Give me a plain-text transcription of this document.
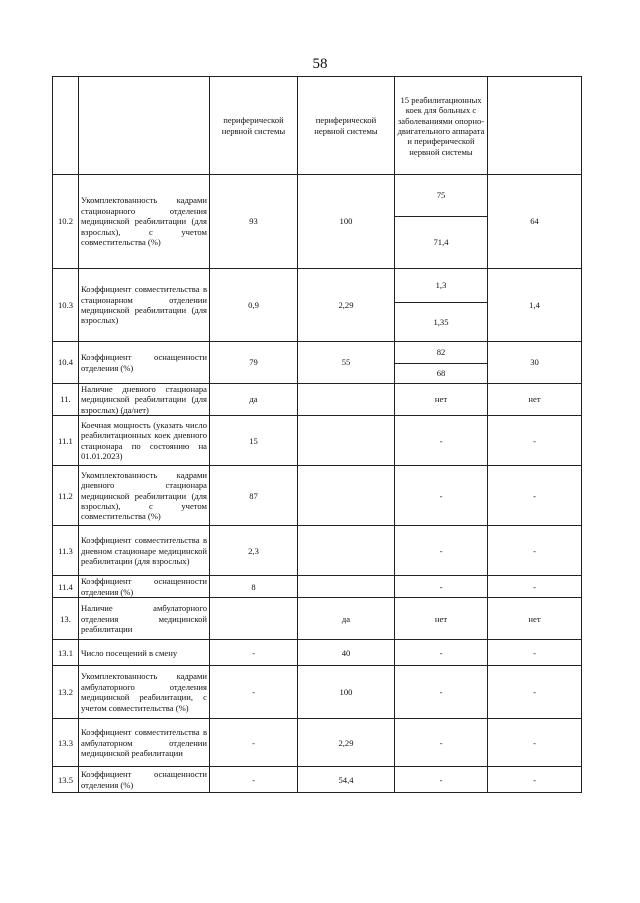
58
		периферической нервной системы	периферической нервной системы	15 реабилитационных коек для больных с заболеваниями опорно-двигательного аппарата и периферической нервной системы	
10.2	Укомплектованность кадрами стационарного отделения медицинской реабилитации (для взрослых), с учетом совместительства (%)	93	100	75	64
				71,4	
10.3	Коэффициент совместительства в стационарном отделении медицинской реабилитации (для взрослых)	0,9	2,29	1,3	1,4
				1,35	
10.4	Коэффициент оснащенности отделения (%)	79	55	82	30
				68	
11.	Наличие дневного стационара медицинской реабилитации (для взрослых) (да/нет)	да		нет	нет
11.1	Коечная мощность (указать число реабилитационных коек дневного стационара по состоянию на 01.01.2023)	15		-	-
11.2	Укомплектованность кадрами дневного стационара медицинской реабилитации (для взрослых), с учетом совместительства (%)	87		-	-
11.3	Коэффициент совместительства в дневном стационаре медицинской реабилитации (для взрослых)	2,3		-	-
11.4	Коэффициент оснащенности отделения (%)	8		-	-
13.	Наличие амбулаторного отделения медицинской реабилитации		да	нет	нет
13.1	Число посещений в смену	-	40	-	-
13.2	Укомплектованность кадрами амбулаторного отделения медицинской реабилитации, с учетом совместительства (%)	-	100	-	-
13.3	Коэффициент совместительства в амбулаторном отделении медицинской реабилитации	-	2,29	-	-
13.5	Коэффициент оснащенности отделения (%)	-	54,4	-	-
